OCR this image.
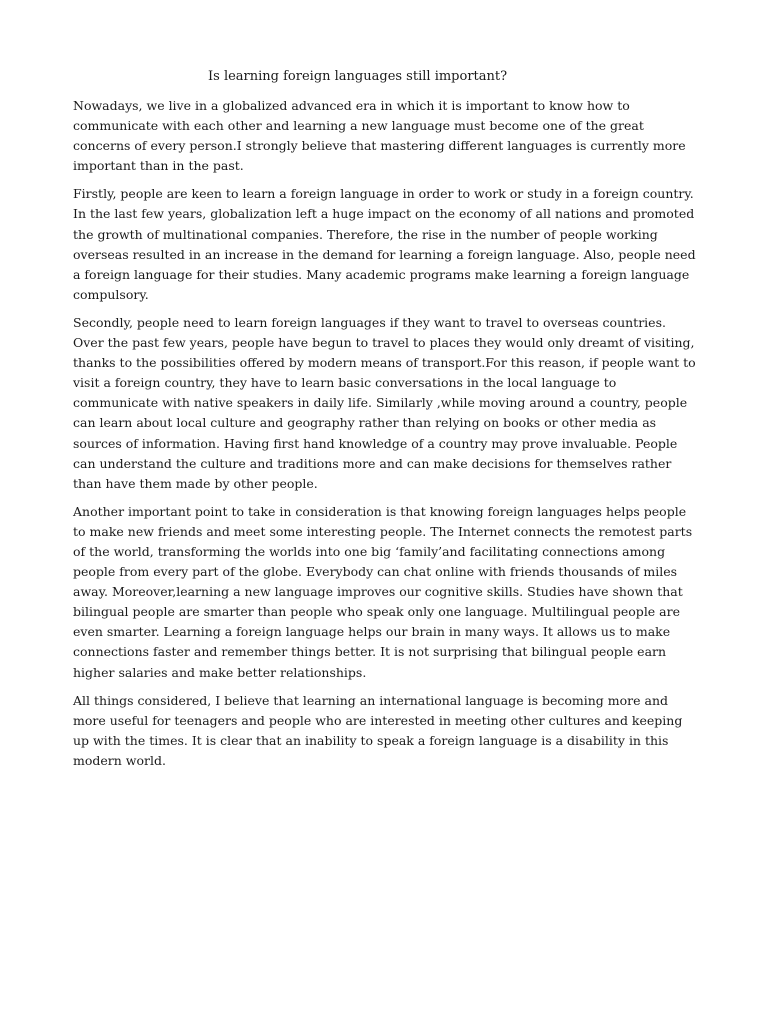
Is learning foreign languages still important?

Nowadays, we live in a globalized advanced era in which it is important to know how to communicate with each other and learning a new language must become one of the great concerns of every person.I strongly believe that mastering different languages is currently more important than in the past.

Firstly, people are keen to learn a foreign language in order to work or study in a foreign country. In the last few years, globalization left a huge impact on the economy of all nations and promoted the growth of multinational companies. Therefore, the rise in the number of people working overseas resulted in an increase in the demand for learning a foreign language. Also, people need a foreign language for their studies. Many academic programs make learning a foreign language compulsory.

Secondly, people need to learn foreign languages if they want to travel to overseas countries. Over the past few years, people have begun to travel to places they would only dreamt of visiting, thanks to the possibilities offered by modern means of transport.For this reason, if people want to visit a foreign country, they have to learn basic conversations in the local language to communicate with native speakers in daily life. Similarly ,while moving around a country, people can learn about local culture and geography rather than relying on books or other media as sources of information. Having first hand knowledge of a country may prove invaluable. People can understand the culture and traditions more and can make decisions for themselves rather than have them made by other people.

Another important point to take in consideration is that knowing foreign languages helps people to make new friends and meet some interesting people. The Internet connects the remotest parts of the world, transforming the worlds into one big ‘family’and facilitating connections among people from every part of the globe. Everybody can chat online with friends thousands of miles away. Moreover,learning a new language improves our cognitive skills. Studies have shown that bilingual people are smarter than people who speak only one language. Multilingual people are even smarter. Learning a foreign language helps our brain in many ways. It allows us to make connections faster and remember things better. It is not surprising that bilingual people earn higher salaries and make better relationships.

All things considered, I believe that learning an international language is becoming more and more useful for teenagers and people who are interested in meeting other cultures and keeping up with the times. It is clear that an inability to speak a foreign language is a disability in this modern world.
